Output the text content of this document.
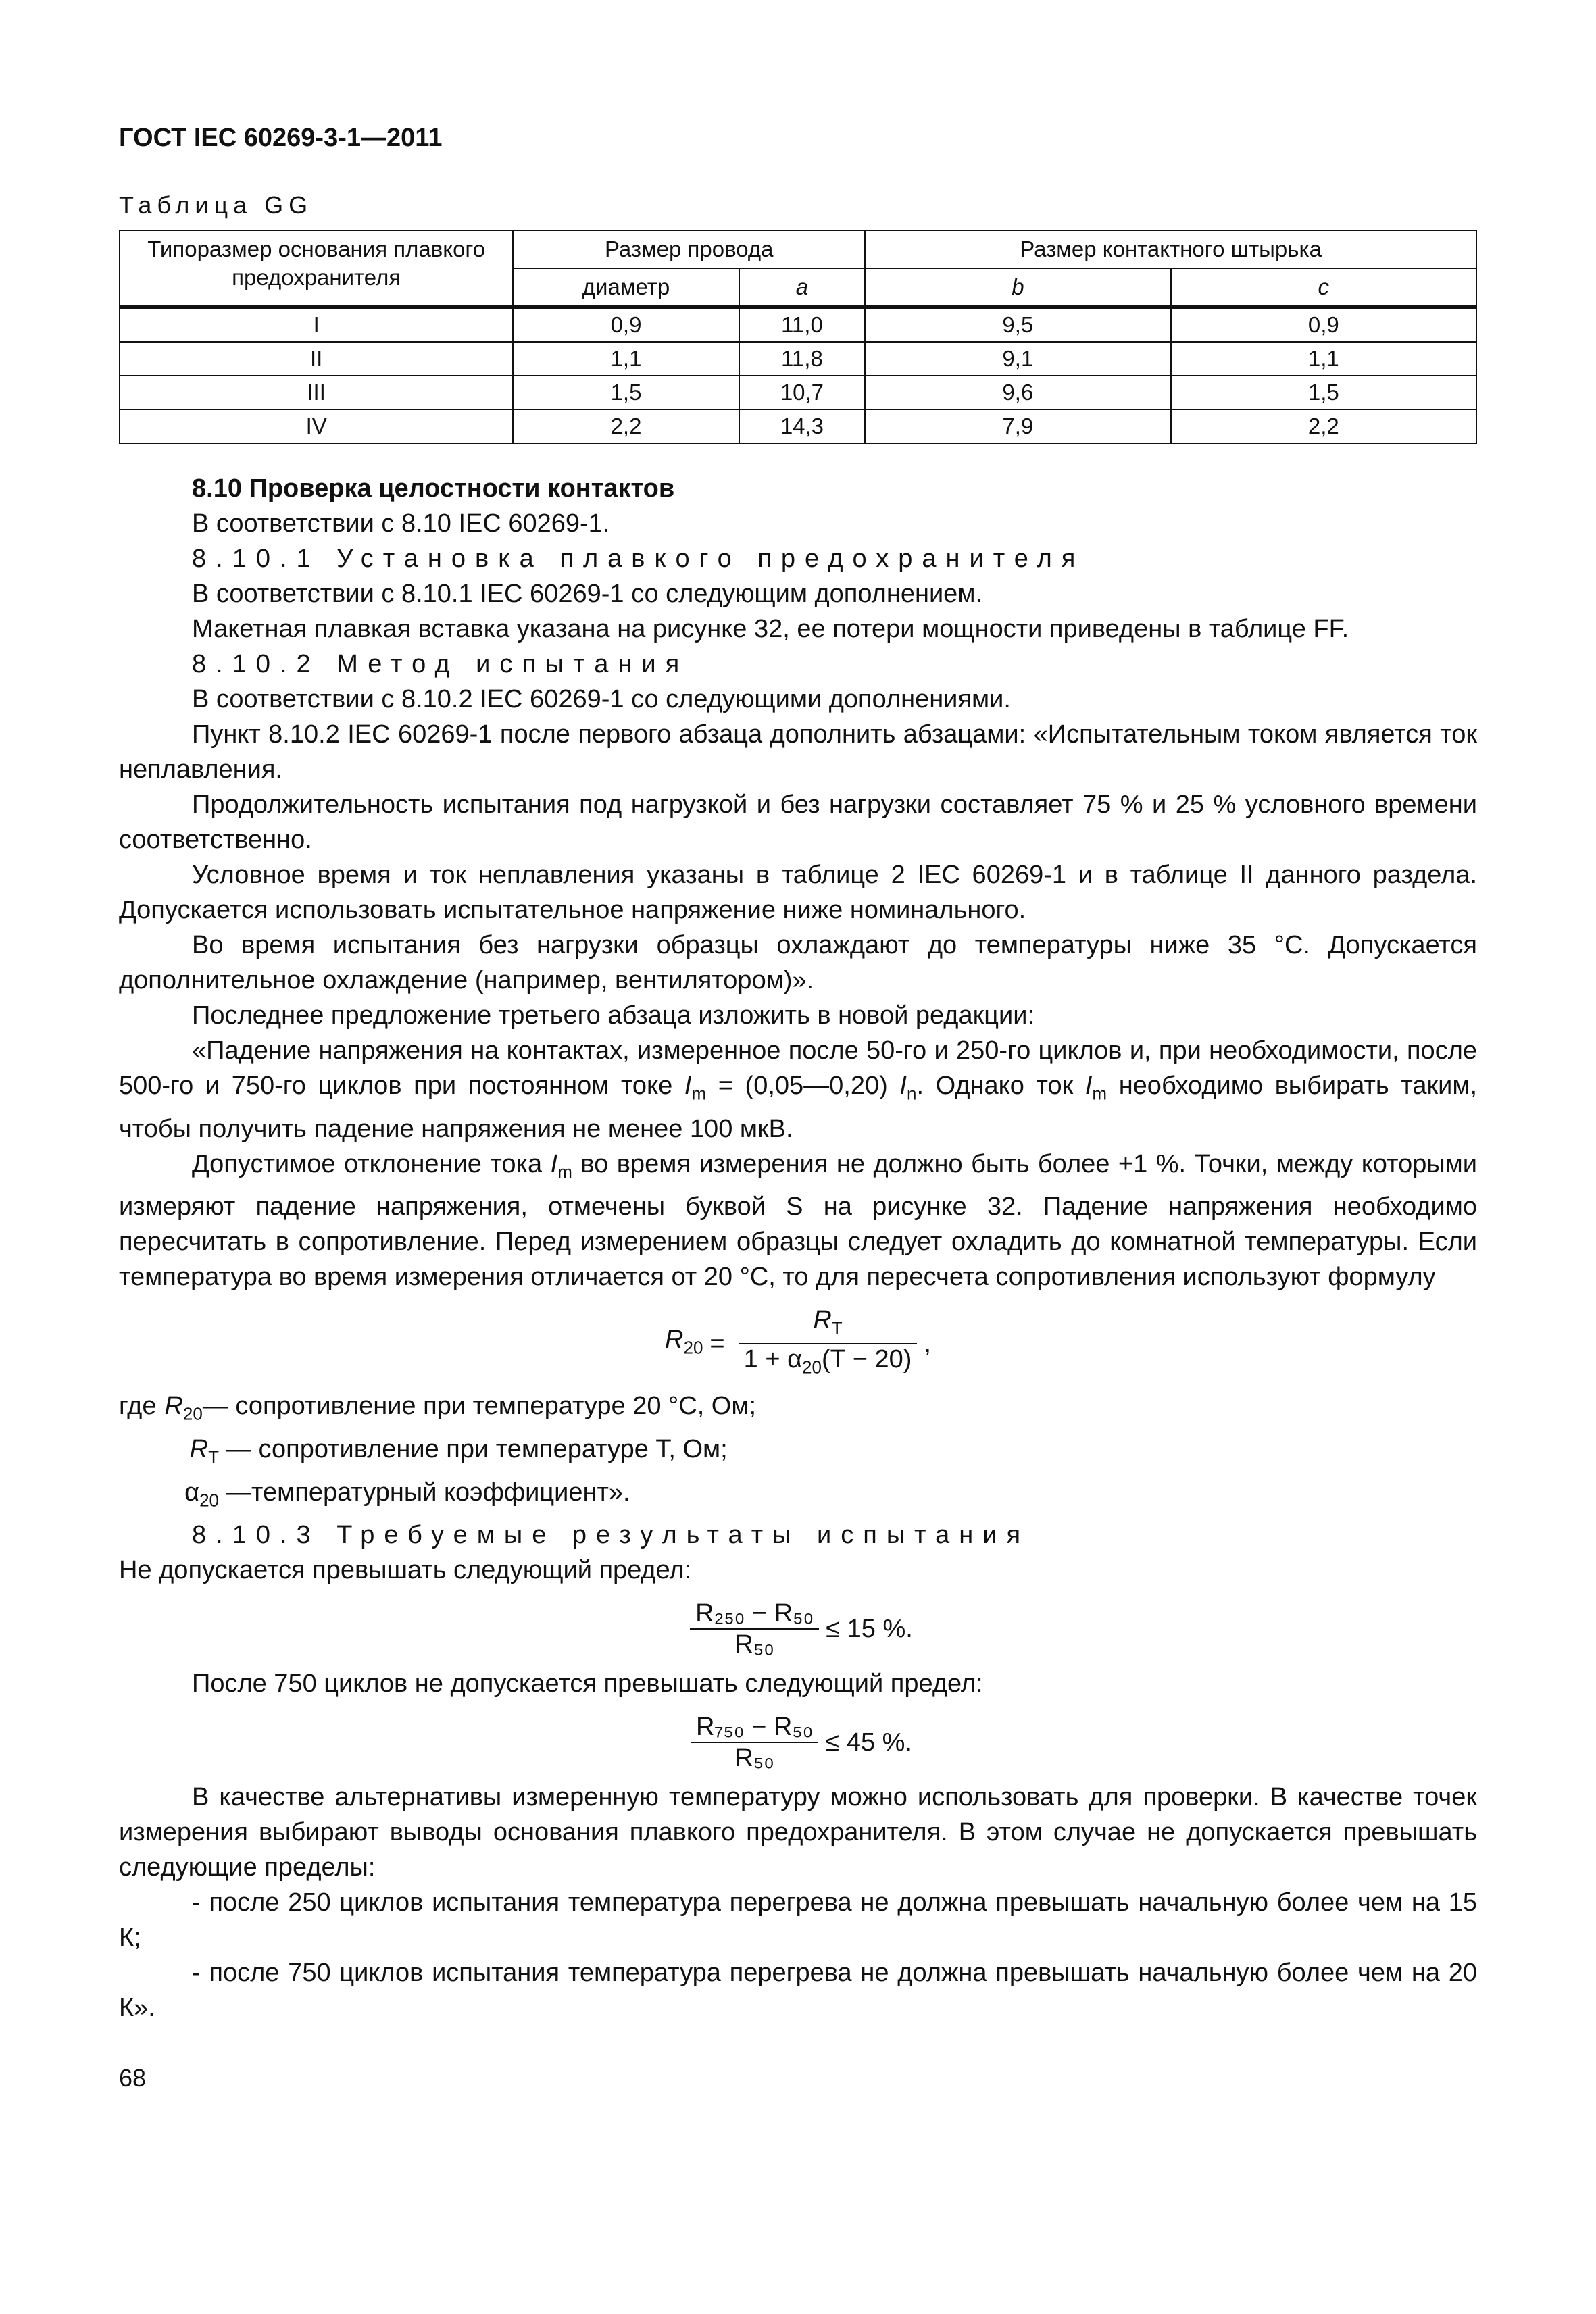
ГОСТ IEC 60269-3-1—2011
Таблица GG
Типоразмер основания плавкого предохранителя	Размер провода		Размер контактного штырька	
	диаметр	a	b	c
I	0,9	11,0	9,5	0,9
II	1,1	11,8	9,1	1,1
III	1,5	10,7	9,6	1,5
IV	2,2	14,3	7,9	2,2
8.10 Проверка целостности контактов

В соответствии с 8.10 IEC 60269-1.

8.10.1 Установка плавкого предохранителя

В соответствии с 8.10.1 IEC 60269-1 со следующим дополнением.

Макетная плавкая вставка указана на рисунке 32, ее потери мощности приведены в таблице FF.

8.10.2 Метод испытания

В соответствии с 8.10.2 IEC 60269-1 со следующими дополнениями.

Пункт 8.10.2 IEC 60269-1 после первого абзаца дополнить абзацами: «Испытательным током является ток неплавления.

Продолжительность испытания под нагрузкой и без нагрузки составляет 75 % и 25 % условного времени соответственно.

Условное время и ток неплавления указаны в таблице 2 IEC 60269-1 и в таблице II данного раздела. Допускается использовать испытательное напряжение ниже номинального.

Во время испытания без нагрузки образцы охлаждают до температуры ниже 35 °С. Допускается дополнительное охлаждение (например, вентилятором)».

Последнее предложение третьего абзаца изложить в новой редакции:

«Падение напряжения на контактах, измеренное после 50-го и 250-го циклов и, при необходимости, после 500-го и 750-го циклов при постоянном токе $I_m$ = (0,05—0,20) $I_n$. Однако ток $I_m$ необходимо выбирать таким, чтобы получить падение напряжения не менее 100 мкВ.

Допустимое отклонение тока $I_m$ во время измерения не должно быть более +1 %. Точки, между которыми измеряют падение напряжения, отмечены буквой S на рисунке 32. Падение напряжения необходимо пересчитать в сопротивление. Перед измерением образцы следует охладить до комнатной температуры. Если температура во время измерения отличается от 20 °С, то для пересчета сопротивления используют формулу

$R_{20} = \frac{R_T}{1 + \alpha_{20}(T - 20)}$ ,
где $R_{20}$ — сопротивление при температуре 20 °С, Ом;
$R_T$ — сопротивление при температуре T, Ом;
$\alpha_{20}$ —температурный коэффициент».

8.10.3 Требуемые результаты испытания

Не допускается превышать следующий предел:

$\frac{\text{R₂₅₀ − R₅₀}}{\text{R₅₀}} \le 15$ %.

После 750 циклов не допускается превышать следующий предел:

$\frac{\text{R₇₅₀ − R₅₀}}{\text{R₅₀}} \le 45$ %.

В качестве альтернативы измеренную температуру можно использовать для проверки. В качестве точек измерения выбирают выводы основания плавкого предохранителя. В этом случае не допускается превышать следующие пределы:

- после 250 циклов испытания температура перегрева не должна превышать начальную более чем на 15 К;

- после 750 циклов испытания температура перегрева не должна превышать начальную более чем на 20 К».

68
